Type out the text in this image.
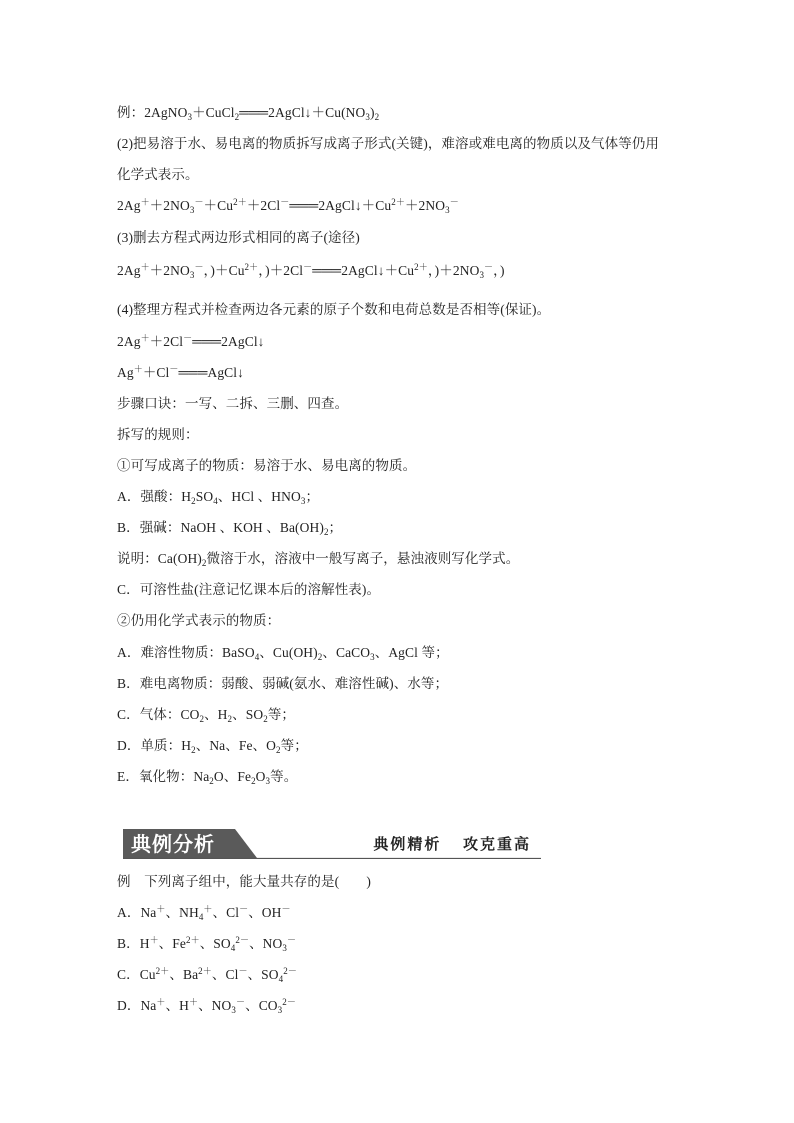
例：$2AgNO_3+CuCl_2═══2AgCl↓+Cu(NO_3)_2$
(2)把易溶于水、易电离的物质拆写成离子形式(关键)，难溶或难电离的物质以及气体等仍用
化学式表示。
$2Ag^++2NO_3^-+Cu^{2+}+2Cl^-═══2AgCl↓+Cu^{2+}+2NO_3^-$
(3)删去方程式两边形式相同的离子(途径)
$2Ag^++2NO_3^-$，)$+Cu^{2+}$，)$+2Cl^-═══2AgCl↓+Cu^{2+}$，)$+2NO_3^-$，)
(4)整理方程式并检查两边各元素的原子个数和电荷总数是否相等(保证)。
2Ag＋＋2Cl－═══2AgCl↓
Ag＋＋Cl－═══AgCl↓
步骤口诀：一写、二拆、三删、四查。
拆写的规则：
①可写成离子的物质：易溶于水、易电离的物质。
A．强酸：$H_2SO_4$、HCl 、$HNO_3$；
B．强碱：NaOH 、KOH 、$Ba(OH)_2$；
说明：$Ca(OH)_2$微溶于水，溶液中一般写离子，悬浊液则写化学式。
C．可溶性盐(注意记忆课本后的溶解性表)。
②仍用化学式表示的物质：
A．难溶性物质：BaSO$_4$、$Cu(OH)_2$、CaCO$_3$、AgCl 等；
B．难电离物质：弱酸、弱碱(氨水、难溶性碱)、水等；
C．气体：$CO_2$、$H_2$、$SO_2$等；
D．单质：$H_2$、Na、Fe、$O_2$等；
E．氧化物：$Na_2O$、$Fe_2O_3$等。
典例分析	典例精析   攻克重高
例　下列离子组中，能大量共存的是(　　)
A．Na＋、$NH_4^+$、Cl－、OH－
B．H＋、$Fe^{2+}$、$SO_4^{2-}$、$NO_3^-$
C．$Cu^{2+}$、$Ba^{2+}$、Cl－、$SO_4^{2-}$
D．Na＋、H＋、$NO_3^-$、$CO_3^{2-}$
